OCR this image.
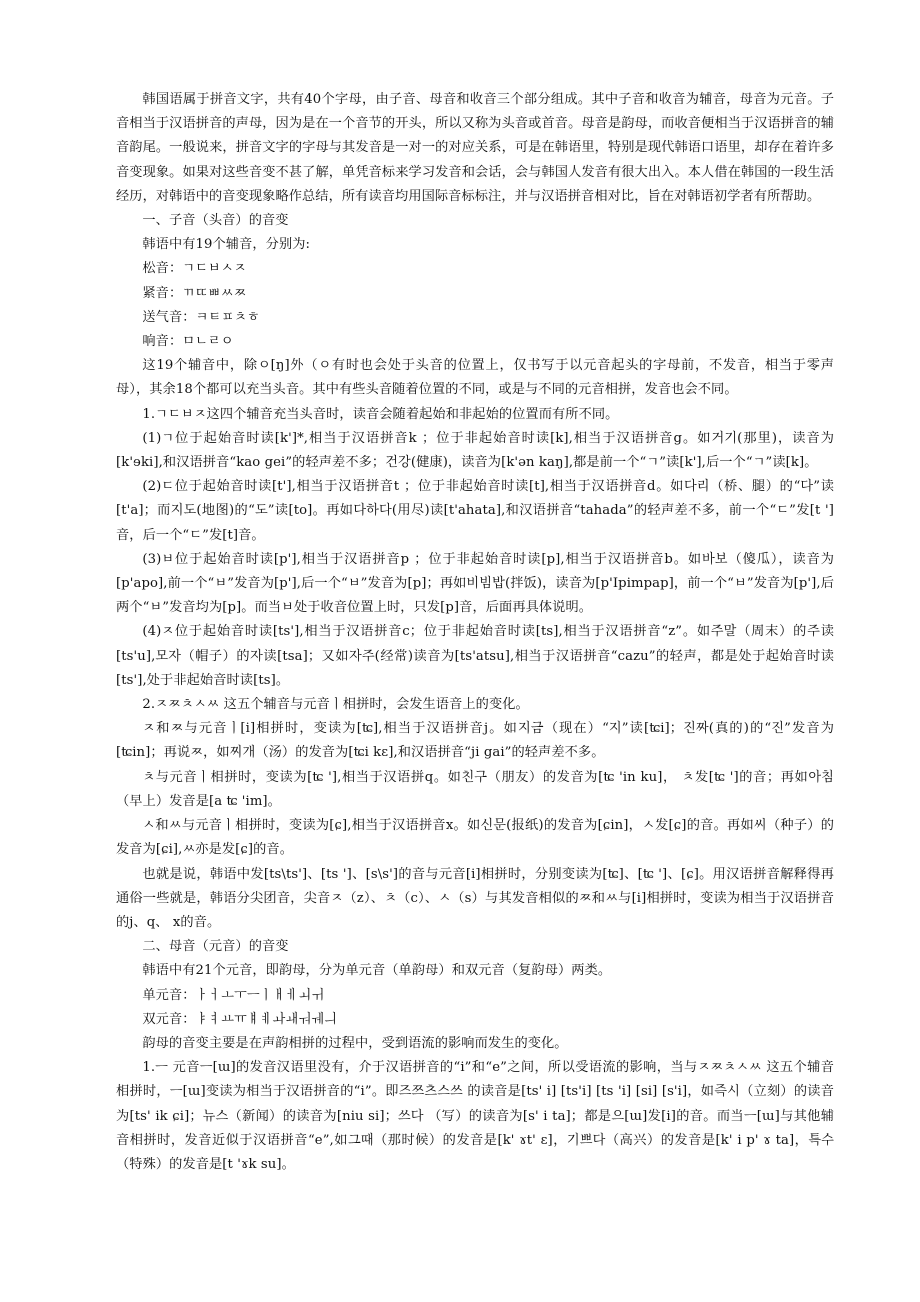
韩国语属于拼音文字，共有40个字母，由子音、母音和收音三个部分组成。其中子音和收音为辅音，母音为元音。子音相当于汉语拼音的声母，因为是在一个音节的开头，所以又称为头音或首音。母音是韵母，而收音便相当于汉语拼音的辅音韵尾。一般说来，拼音文字的字母与其发音是一对一的对应关系，可是在韩语里，特别是现代韩语口语里，却存在着许多音变现象。如果对这些音变不甚了解，单凭音标来学习发音和会话，会与韩国人发音有很大出入。本人借在韩国的一段生活经历，对韩语中的音变现象略作总结，所有读音均用国际音标标注，并与汉语拼音相对比，旨在对韩语初学者有所帮助。

一、子音（头音）的音变

韩语中有19个辅音，分别为:

松音：ㄱㄷㅂㅅㅈ

紧音：ㄲㄸㅃㅆㅉ

送气音：ㅋㅌㅍㅊㅎ

响音：ㅁㄴㄹㅇ

这19个辅音中，除ㅇ[ŋ]外（ㅇ有时也会处于头音的位置上，仅书写于以元音起头的字母前，不发音，相当于零声母），其余18个都可以充当头音。其中有些头音随着位置的不同，或是与不同的元音相拼，发音也会不同。

1.ㄱㄷㅂㅈ这四个辅音充当头音时，读音会随着起始和非起始的位置而有所不同。

(1)ㄱ位于起始音时读[k']*,相当于汉语拼音k ；位于非起始音时读[k],相当于汉语拼音g。如거기(那里)，读音为[k'ɘki],和汉语拼音“kao gei”的轻声差不多；건강(健康)，读音为[k'ən kaŋ],都是前一个“ㄱ”读[k'],后一个“ㄱ”读[k]。

(2)ㄷ位于起始音时读[t'],相当于汉语拼音t ；位于非起始音时读[t],相当于汉语拼音d。如다리（桥、腿）的“다”读[t'a]；而지도(地图)的“도”读[to]。再如다하다(用尽)读[t'ahata],和汉语拼音“tahada”的轻声差不多，前一个“ㄷ”发[t ']音，后一个“ㄷ”发[t]音。

(3)ㅂ位于起始音时读[p'],相当于汉语拼音p ；位于非起始音时读[p],相当于汉语拼音b。如바보（傻瓜），读音为[p'apo],前一个“ㅂ”发音为[p'],后一个“ㅂ”发音为[p]；再如비빔밥(拌饭)，读音为[p'Ipimpap]，前一个“ㅂ”发音为[p'],后两个“ㅂ”发音均为[p]。而当ㅂ处于收音位置上时，只发[p]音，后面再具体说明。

(4)ㅈ位于起始音时读[ts'],相当于汉语拼音c；位于非起始音时读[ts],相当于汉语拼音“z”。如주말（周末）的주读[ts'u],모자（帽子）的자读[tsa]；又如자주(经常)读音为[ts'atsu],相当于汉语拼音“cazu”的轻声，都是处于起始音时读[ts'],处于非起始音时读[ts]。

2.ㅈㅉㅊㅅㅆ 这五个辅音与元音ㅣ相拼时，会发生语音上的变化。

ㅈ和ㅉ与元音ㅣ[i]相拼时，变读为[ʨ],相当于汉语拼音j。如지금（现在）“지”读[ʨi]；진짜(真的)的“진”发音为[ʨin]；再说ㅉ，如찌개（汤）的发音为[ʨi kɛ],和汉语拼音“ji gai”的轻声差不多。

ㅊ与元音ㅣ相拼时，变读为[ʨ '],相当于汉语拼q。如친구（朋友）的发音为[ʨ 'in ku]， ㅊ发[ʨ ']的音；再如아침（早上）发音是[a ʨ 'im]。

ㅅ和ㅆ与元音ㅣ相拼时，变读为[ɕ],相当于汉语拼音x。如신문(报纸)的发音为[ɕin]，ㅅ发[ɕ]的音。再如씨（种子）的发音为[ɕi],ㅆ亦是发[ɕ]的音。

也就是说，韩语中发[ts\ts']、[ts ']、[s\s']的音与元音[i]相拼时，分别变读为[ʨ]、[ʨ ']、[ɕ]。用汉语拼音解释得再通俗一些就是，韩语分尖团音，尖音ㅈ（z）、ㅊ（c）、ㅅ（s）与其发音相似的ㅉ和ㅆ与[i]相拼时，变读为相当于汉语拼音的j、q、 x的音。

二、母音（元音）的音变

韩语中有21个元音，即韵母，分为单元音（单韵母）和双元音（复韵母）两类。

单元音：ㅏㅓㅗㅜㅡㅣㅐㅔㅚㅟ

双元音：ㅑㅕㅛㅠㅒㅖㅘㅙㅝㅞㅢ

韵母的音变主要是在声韵相拼的过程中，受到语流的影响而发生的变化。

1.ㅡ 元音ㅡ[ɯ]的发音汉语里没有，介于汉语拼音的“i”和“e”之间，所以受语流的影响，当与ㅈㅉㅊㅅㅆ 这五个辅音相拼时，ㅡ[ɯ]变读为相当于汉语拼音的“i”。即즈쯔츠스쓰 的读音是[ts' i] [ts'i] [ts 'i] [si] [s'i]，如즉시（立刻）的读音为[ts' ik ɕi]；뉴스（新闻）的读音为[niu si]；쓰다 （写）的读音为[s' i ta]；都是으[ɯ]发[i]的音。而当ㅡ[ɯ]与其他辅音相拼时，发音近似于汉语拼音“e”,如그때（那时候）的发音是[k' ɤt' ɛ]，기쁘다（高兴）的发音是[k' i p' ɤ ta]，특수（特殊）的发音是[t 'ɤk su]。
